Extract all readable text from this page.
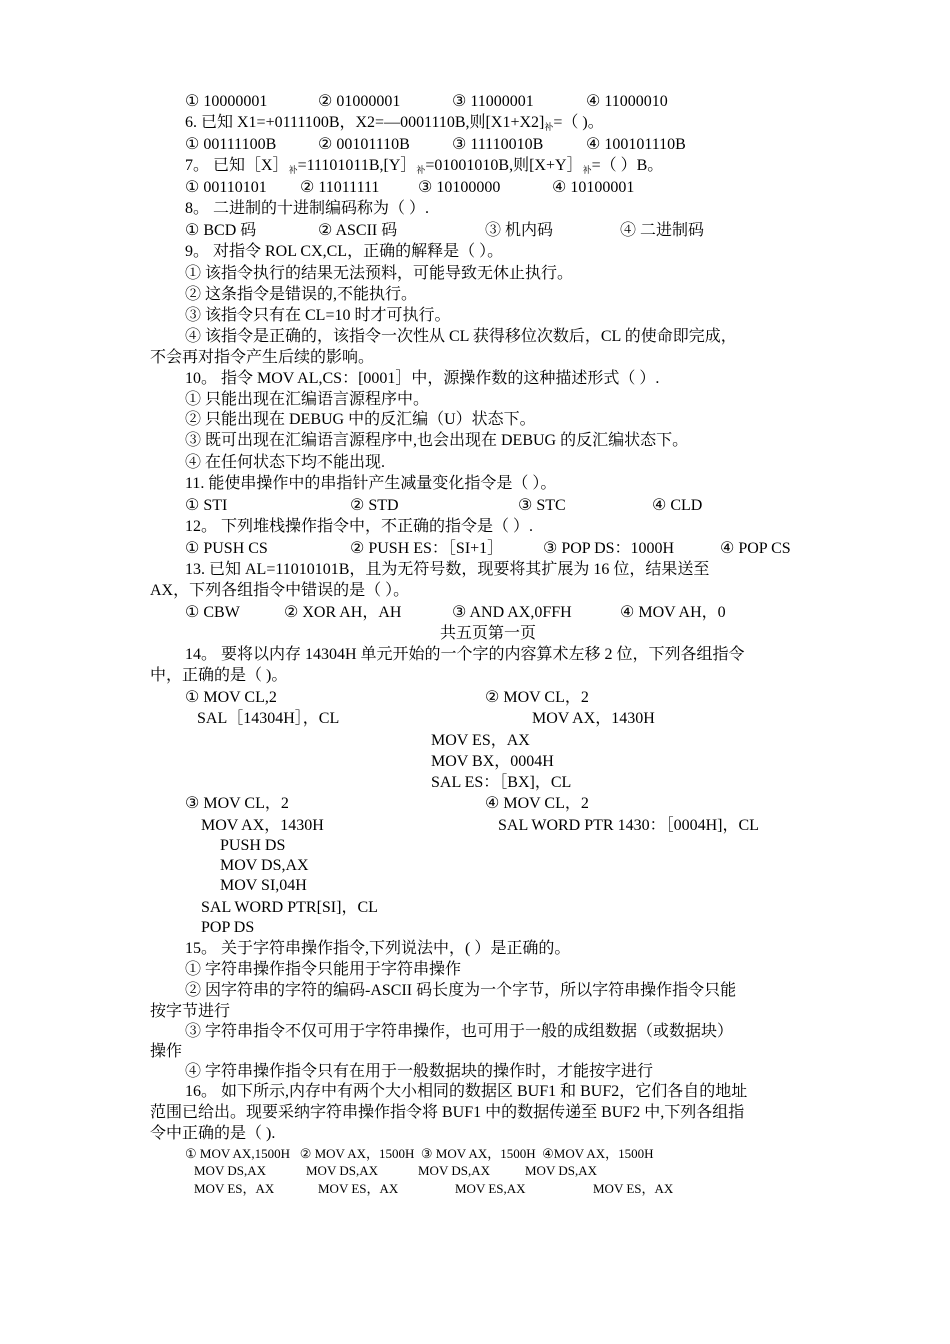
① 10000001	② 01000001	③ 11000001	④ 11000010
6. 已知 X1=+0111100B，X2=—0001110B,则$[X1+X2]_补=$（ )。
① 00111100B	② 00101110B	③ 11110010B	④ 100101110B
7。 已知$[X]_补=11101011B,[Y]_补=01001010B$,则[$X+Y]_补=$（ ）B。
① 00110101 ② 11011111 ③ 10100000	④ 10100001
8。 二进制的十进制编码称为（ ）.
① BCD 码	② ASCII 码	③ 机内码	④ 二进制码
9。 对指令 ROL CX,CL，正确的解释是（ ）。
① 该指令执行的结果无法预料，可能导致无休止执行。
② 这条指令是错误的,不能执行。
③ 该指令只有在 CL=10 时才可执行。
④ 该指令是正确的，该指令一次性从 CL 获得移位次数后，CL 的使命即完成，
不会再对指令产生后续的影响。
10。 指令 MOV AL,CS：[0001］中，源操作数的这种描述形式（ ）.
① 只能出现在汇编语言源程序中。
② 只能出现在 DEBUG 中的反汇编（U）状态下。
③ 既可出现在汇编语言源程序中,也会出现在 DEBUG 的反汇编状态下。
④ 在任何状态下均不能出现.
11. 能使串操作中的串指针产生减量变化指令是（ ）。
① STI	② STD	③ STC	④ CLD
12。 下列堆栈操作指令中，不正确的指令是（ ）.
① PUSH CS	② PUSH ES：［SI+1］ ③ POP DS：1000H	④ POP CS
13. 已知 AL=11010101B，且为无符号数，现要将其扩展为 16 位，结果送至
AX，下列各组指令中错误的是（ ）。
① CBW	② XOR AH，AH	③ AND AX,0FFH	④ MOV AH，0
共五页第一页
14。 要将以内存 14304H 单元开始的一个字的内容算术左移 2 位，下列各组指令
中，正确的是（ )。
① MOV CL,2
SAL［14304H］，CL
② MOV CL，2
MOV AX，1430H
MOV ES，AX
MOV BX，0004H
SAL ES：［BX]，CL
③ MOV CL，2
MOV AX，1430H
PUSH DS
MOV DS,AX
MOV SI,04H
SAL WORD PTR[SI]，CL
POP DS
④ MOV CL，2
SAL WORD PTR 1430：［0004H]，CL
15。 关于字符串操作指令,下列说法中，( ）是正确的。
① 字符串操作指令只能用于字符串操作
② 因字符串的字符的编码-ASCII 码长度为一个字节，所以字符串操作指令只能
按字节进行
③ 字符串指令不仅可用于字符串操作，也可用于一般的成组数据（或数据块）
操作
④ 字符串操作指令只有在用于一般数据块的操作时，才能按字进行
16。 如下所示,内存中有两个大小相同的数据区 BUF1 和 BUF2，它们各自的地址
范围已给出。现要采纳字符串操作指令将 BUF1 中的数据传递至 BUF2 中,下列各组指
令中正确的是（ ).
① MOV AX,1500H   ② MOV AX，1500H  ③ MOV AX，1500H  ④MOV AX，1500H
MOV DS,AX	MOV DS,AX	MOV DS,AX	MOV DS,AX
MOV ES，AX	MOV ES，AX	MOV ES,AX	MOV ES，AX
